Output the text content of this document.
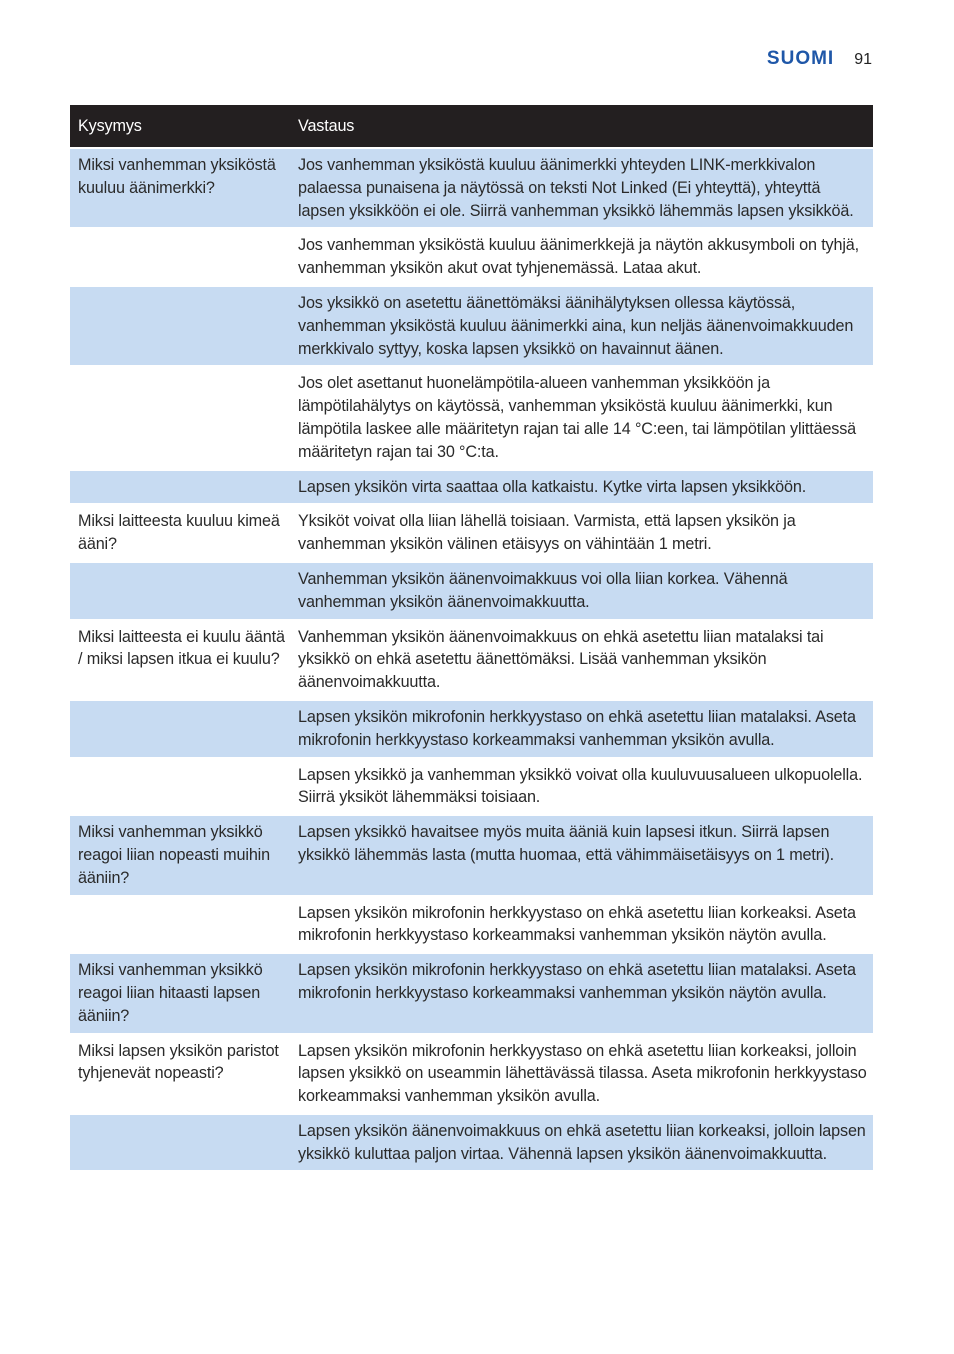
SUOMI 91
Kysymys	Vastaus
Miksi vanhemman yksiköstä kuuluu äänimerkki?	Jos vanhemman yksiköstä kuuluu äänimerkki yhteyden LINK-merkkivalon palaessa punaisena ja näytössä on teksti Not Linked (Ei yhteyttä), yhteyttä lapsen yksikköön ei ole. Siirrä vanhemman yksikkö lähemmäs lapsen yksikköä.
	Jos vanhemman yksiköstä kuuluu äänimerkkejä ja näytön akkusymboli on tyhjä, vanhemman yksikön akut ovat tyhjenemässä. Lataa akut.
	Jos yksikkö on asetettu äänettömäksi äänihälytyksen ollessa käytössä, vanhemman yksiköstä kuuluu äänimerkki aina, kun neljäs äänenvoimakkuuden merkkivalo syttyy, koska lapsen yksikkö on havainnut äänen.
	Jos olet asettanut huonelämpötila-alueen vanhemman yksikköön ja lämpötilahälytys on käytössä, vanhemman yksiköstä kuuluu äänimerkki, kun lämpötila laskee alle määritetyn rajan tai alle 14 °C:een, tai lämpötilan ylittäessä määritetyn rajan tai 30 °C:ta.
	Lapsen yksikön virta saattaa olla katkaistu. Kytke virta lapsen yksikköön.
Miksi laitteesta kuuluu kimeä ääni?	Yksiköt voivat olla liian lähellä toisiaan. Varmista, että lapsen yksikön ja vanhemman yksikön välinen etäisyys on vähintään 1 metri.
	Vanhemman yksikön äänenvoimakkuus voi olla liian korkea. Vähennä vanhemman yksikön äänenvoimakkuutta.
Miksi laitteesta ei kuulu ääntä / miksi lapsen itkua ei kuulu?	Vanhemman yksikön äänenvoimakkuus on ehkä asetettu liian matalaksi tai yksikkö on ehkä asetettu äänettömäksi. Lisää vanhemman yksikön äänenvoimakkuutta.
	Lapsen yksikön mikrofonin herkkyystaso on ehkä asetettu liian matalaksi. Aseta mikrofonin herkkyystaso korkeammaksi vanhemman yksikön avulla.
	Lapsen yksikkö ja vanhemman yksikkö voivat olla kuuluvuusalueen ulkopuolella. Siirrä yksiköt lähemmäksi toisiaan.
Miksi vanhemman yksikkö reagoi liian nopeasti muihin ääniin?	Lapsen yksikkö havaitsee myös muita ääniä kuin lapsesi itkun. Siirrä lapsen yksikkö lähemmäs lasta (mutta huomaa, että vähimmäisetäisyys on 1 metri).
	Lapsen yksikön mikrofonin herkkyystaso on ehkä asetettu liian korkeaksi. Aseta mikrofonin herkkyystaso korkeammaksi vanhemman yksikön näytön avulla.
Miksi vanhemman yksikkö reagoi liian hitaasti lapsen ääniin?	Lapsen yksikön mikrofonin herkkyystaso on ehkä asetettu liian matalaksi. Aseta mikrofonin herkkyystaso korkeammaksi vanhemman yksikön näytön avulla.
Miksi lapsen yksikön paristot tyhjenevät nopeasti?	Lapsen yksikön mikrofonin herkkyystaso on ehkä asetettu liian korkeaksi, jolloin lapsen yksikkö on useammin lähettävässä tilassa. Aseta mikrofonin herkkyystaso korkeammaksi vanhemman yksikön avulla.
	Lapsen yksikön äänenvoimakkuus on ehkä asetettu liian korkeaksi, jolloin lapsen yksikkö kuluttaa paljon virtaa. Vähennä lapsen yksikön äänenvoimakkuutta.
